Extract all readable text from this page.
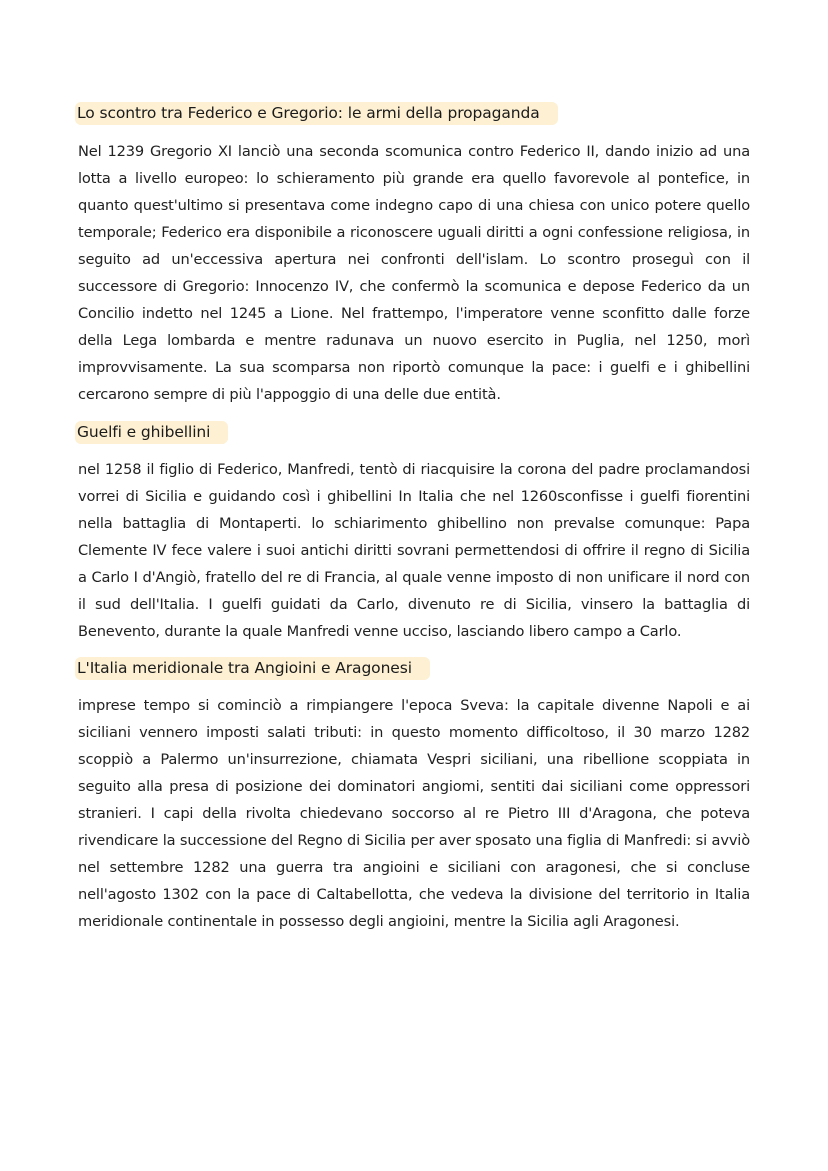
Lo scontro tra Federico e Gregorio: le armi della propaganda

Nel 1239 Gregorio XI lanciò una seconda scomunica contro Federico II, dando inizio ad una lotta a livello europeo: lo schieramento più grande era quello favorevole al pontefice, in quanto quest'ultimo si presentava come indegno capo di una chiesa con unico potere quello temporale; Federico era disponibile a riconoscere uguali diritti a ogni confessione religiosa, in seguito ad un'eccessiva apertura nei confronti dell'islam. Lo scontro proseguì con il successore di Gregorio: Innocenzo IV, che confermò la scomunica e depose Federico da un Concilio indetto nel 1245 a Lione. Nel frattempo, l'imperatore venne sconfitto dalle forze della Lega lombarda e mentre radunava un nuovo esercito in Puglia, nel 1250, morì improvvisamente. La sua scomparsa non riportò comunque la pace: i guelfi e i ghibellini cercarono sempre di più l'appoggio di una delle due entità.

Guelfi e ghibellini

nel 1258 il figlio di Federico, Manfredi, tentò di riacquisire la corona del padre proclamandosi vorrei di Sicilia e guidando così i ghibellini In Italia che nel 1260sconfisse i guelfi fiorentini nella battaglia di Montaperti. lo schiarimento ghibellino non prevalse comunque: Papa Clemente IV fece valere i suoi antichi diritti sovrani permettendosi di offrire il regno di Sicilia a Carlo I d'Angiò, fratello del re di Francia, al quale venne imposto di non unificare il nord con il sud dell'Italia. I guelfi guidati da Carlo, divenuto re di Sicilia, vinsero la battaglia di Benevento, durante la quale Manfredi venne ucciso, lasciando libero campo a Carlo.

L'Italia meridionale tra Angioini e Aragonesi

imprese tempo si cominciò a rimpiangere l'epoca Sveva: la capitale divenne Napoli e ai siciliani vennero imposti salati tributi: in questo momento difficoltoso, il 30 marzo 1282 scoppiò a Palermo un'insurrezione, chiamata Vespri siciliani, una ribellione scoppiata in seguito alla presa di posizione dei dominatori angiomi, sentiti dai siciliani come oppressori stranieri. I capi della rivolta chiedevano soccorso al re Pietro III d'Aragona, che poteva rivendicare la successione del Regno di Sicilia per aver sposato una figlia di Manfredi: si avviò nel settembre 1282 una guerra tra angioini e siciliani con aragonesi, che si concluse nell'agosto 1302 con la pace di Caltabellotta, che vedeva la divisione del territorio in Italia meridionale continentale in possesso degli angioini, mentre la Sicilia agli Aragonesi.
